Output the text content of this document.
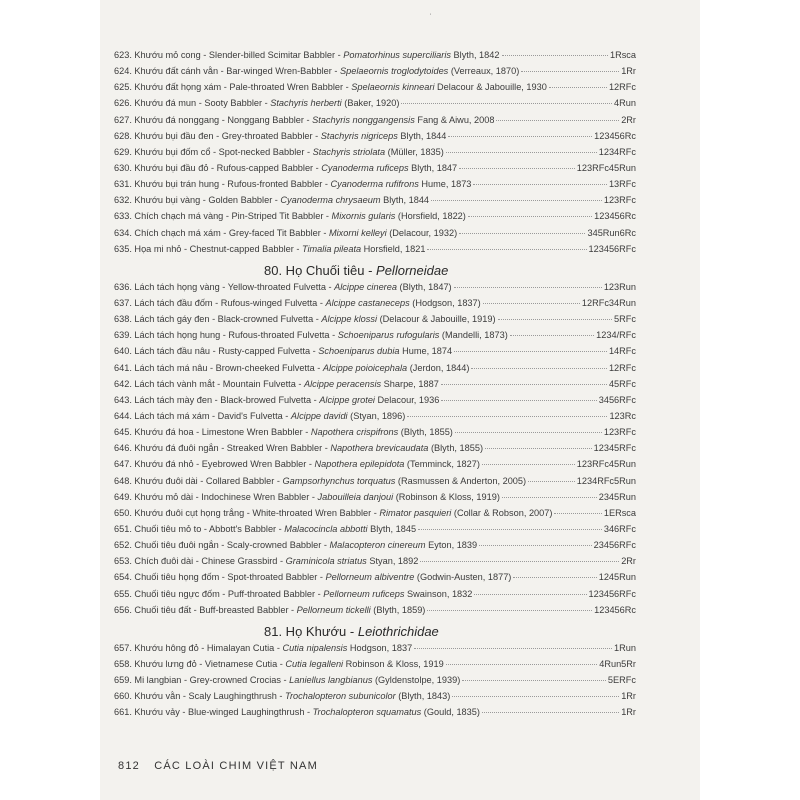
'
623. Khướu mỏ cong - Slender-billed Scimitar Babbler - Pomatorhinus superciliaris Blyth, 1842	1Rsca
624. Khướu đất cánh vằn - Bar-winged Wren-Babbler - Spelaeornis troglodytoides (Verreaux, 1870)	1Rr
625. Khướu đất họng xám - Pale-throated Wren Babbler - Spelaeornis kinneari Delacour & Jabouille, 1930	12RFc
626. Khướu đá mun - Sooty Babbler - Stachyris herberti (Baker, 1920)	4Run
627. Khướu đá nonggang - Nonggang Babbler - Stachyris nonggangensis Fang & Aiwu, 2008	2Rr
628. Khướu bụi đầu đen - Grey-throated Babbler - Stachyris nigriceps Blyth, 1844	123456Rc
629. Khướu bụi đốm cổ - Spot-necked Babbler - Stachyris striolata (Müller, 1835)	1234RFc
630. Khướu bụi đầu đỏ - Rufous-capped Babbler - Cyanoderma ruficeps Blyth, 1847	123RFc45Run
631. Khướu bụi trán hung - Rufous-fronted Babbler - Cyanoderma rufifrons Hume, 1873	13RFc
632. Khướu bụi vàng - Golden Babbler - Cyanoderma chrysaeum Blyth, 1844	123RFc
633. Chích chạch má vàng - Pin-Striped Tit Babbler - Mixornis gularis (Horsfield, 1822)	123456Rc
634. Chích chạch má xám - Grey-faced Tit Babbler - Mixorni kelleyi (Delacour, 1932)	345Run6Rc
635. Họa mi nhỏ - Chestnut-capped Babbler - Timalia pileata Horsfield, 1821	123456RFc
80. Họ Chuối tiêu -
Pellorneidae
636. Lách tách họng vàng - Yellow-throated Fulvetta - Alcippe cinerea (Blyth, 1847)	123Run
637. Lách tách đầu đốm - Rufous-winged Fulvetta - Alcippe castaneceps (Hodgson, 1837)	12RFc34Run
638. Lách tách gáy đen - Black-crowned Fulvetta - Alcippe klossi (Delacour & Jabouille, 1919)	5RFc
639. Lách tách họng hung - Rufous-throated Fulvetta - Schoeniparus rufogularis (Mandelli, 1873)	1234/RFc
640. Lách tách đầu nâu - Rusty-capped Fulvetta - Schoeniparus dubia Hume, 1874	14RFc
641. Lách tách má nâu - Brown-cheeked Fulvetta - Alcippe poioicephala (Jerdon, 1844)	12RFc
642. Lách tách vành mắt - Mountain Fulvetta - Alcippe peracensis Sharpe, 1887	45RFc
643. Lách tách mày đen - Black-browed Fulvetta - Alcippe grotei Delacour, 1936	3456RFc
644. Lách tách má xám - David's Fulvetta - Alcippe davidi (Styan, 1896)	123Rc
645. Khướu đá hoa - Limestone Wren Babbler - Napothera crispifrons (Blyth, 1855)	123RFc
646. Khướu đá đuôi ngắn - Streaked Wren Babbler - Napothera brevicaudata (Blyth, 1855)	12345RFc
647. Khướu đá nhỏ - Eyebrowed Wren Babbler - Napothera epilepidota (Temminck, 1827)	123RFc45Run
648. Khướu đuôi dài - Collared Babbler - Gampsorhynchus torquatus (Rasmussen & Anderton, 2005)	1234RFc5Run
649. Khướu mỏ dài - Indochinese Wren Babbler - Jabouilleia danjoui (Robinson & Kloss, 1919)	2345Run
650. Khướu đuôi cụt họng trắng - White-throated Wren Babbler - Rimator pasquieri (Collar & Robson, 2007)	1ERsca
651. Chuối tiêu mỏ to - Abbott's Babbler - Malacocincla abbotti Blyth, 1845	346RFc
652. Chuối tiêu đuôi ngắn - Scaly-crowned Babbler - Malacopteron cinereum Eyton, 1839	23456RFc
653. Chích đuôi dài - Chinese Grassbird - Graminicola striatus Styan, 1892	2Rr
654. Chuối tiêu họng đốm - Spot-throated Babbler - Pellorneum albiventre (Godwin-Austen, 1877)	1245Run
655. Chuối tiêu ngực đốm - Puff-throated Babbler - Pellorneum ruficeps Swainson, 1832	123456RFc
656. Chuối tiêu đất - Buff-breasted Babbler - Pellorneum tickelli (Blyth, 1859)	123456Rc
81. Họ Khướu -
Leiothrichidae
657. Khướu hông đỏ - Himalayan Cutia - Cutia nipalensis Hodgson, 1837	1Run
658. Khướu lưng đỏ - Vietnamese Cutia - Cutia legalleni Robinson & Kloss, 1919	4Run5Rr
659. Mi langbian - Grey-crowned Crocias - Laniellus langbianus (Gyldenstolpe, 1939)	5ERFc
660. Khướu vằn - Scaly Laughingthrush - Trochalopteron subunicolor (Blyth, 1843)	1Rr
661. Khướu vảy - Blue-winged Laughingthrush - Trochalopteron squamatus (Gould, 1835)	1Rr
812 CÁC LOÀI CHIM VIỆT NAM
